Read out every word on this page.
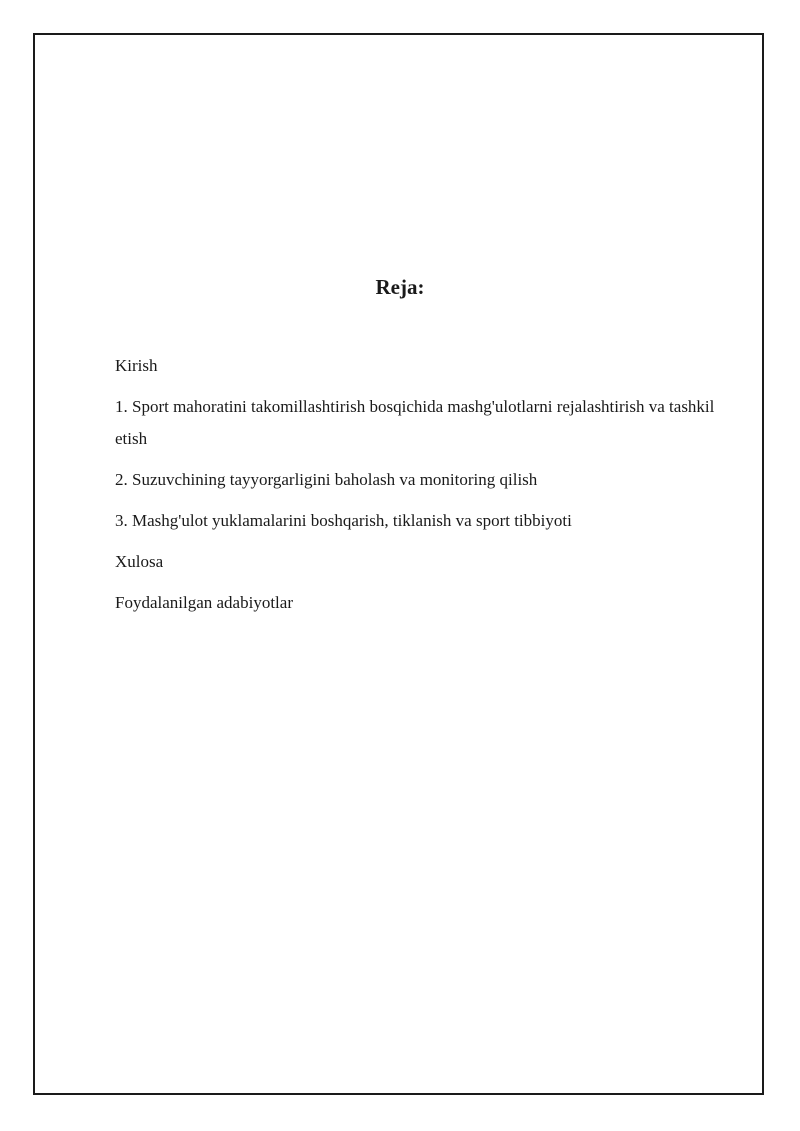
Reja:
Kirish
1. Sport mahoratini takomillashtirish bosqichida mashg'ulotlarni rejalashtirish va tashkil etish
2. Suzuvchining tayyorgarligini baholash va monitoring qilish
3. Mashg'ulot yuklamalarini boshqarish, tiklanish va sport tibbiyoti
Xulosa
Foydalanilgan adabiyotlar
